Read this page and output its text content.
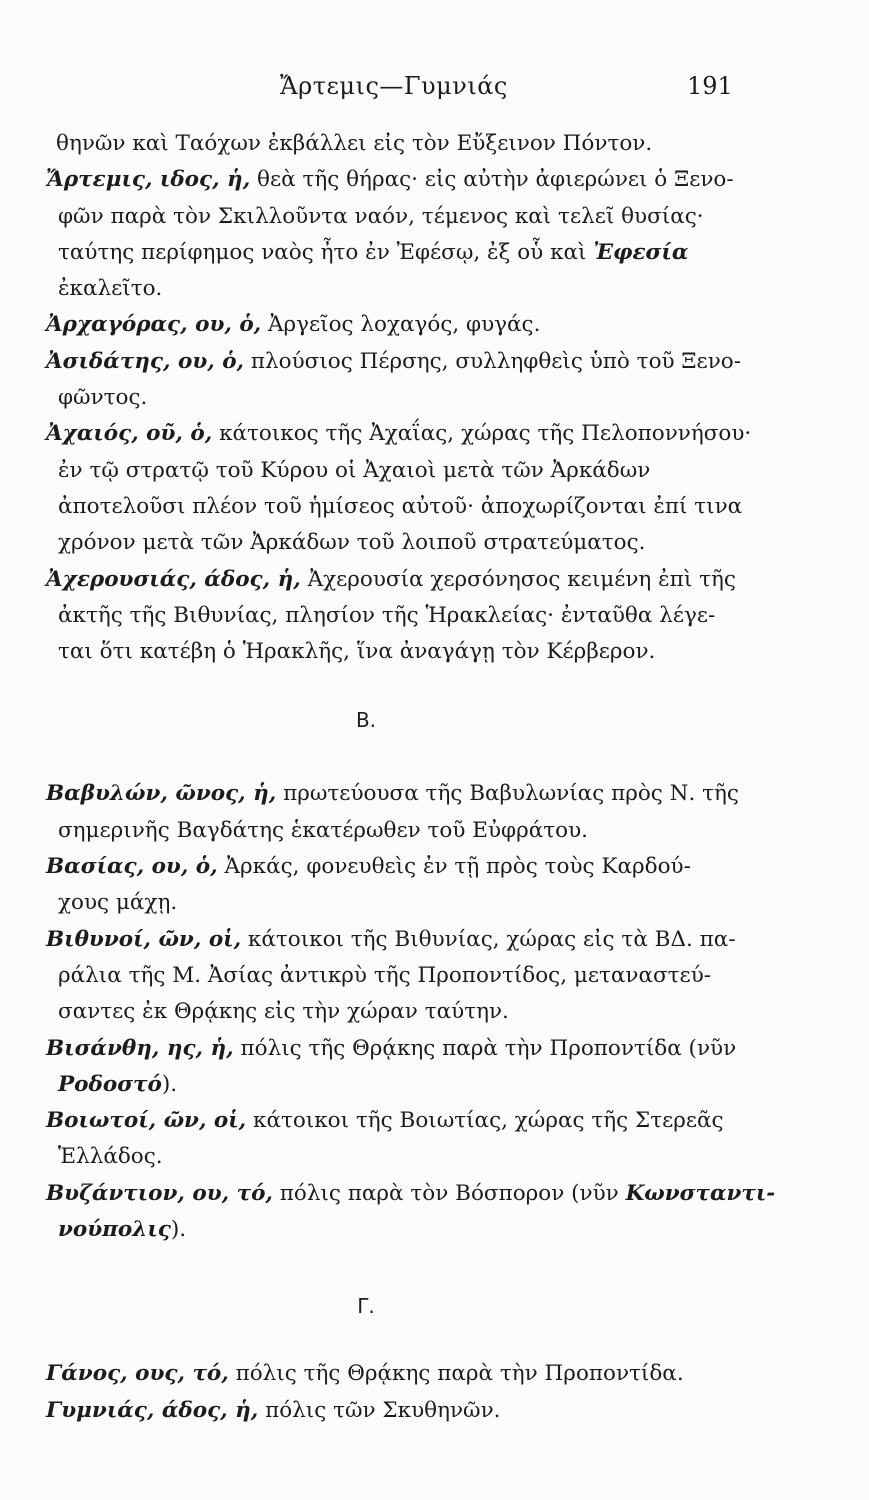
Ἄρτεμις—Γυμνιάς	191
θηνῶν καὶ Ταόχων ἐκβάλλει εἰς τὸν Εὔξεινον Πόντον.
Ἄρτεμις, ιδος, ἡ, θεὰ τῆς θήρας· εἰς αὐτὴν ἀφιερώνει ὁ Ξενο-
φῶν παρὰ τὸν Σκιλλοῦντα ναόν, τέμενος καὶ τελεῖ θυσίας·
ταύτης περίφημος ναὸς ἦτο ἐν Ἐφέσῳ, ἐξ οὗ καὶ Ἐφεσία
ἐκαλεῖτο.
Ἀρχαγόρας, ου, ὁ, Ἀργεῖος λοχαγός, φυγάς.
Ἀσιδάτης, ου, ὁ, πλούσιος Πέρσης, συλληφθεὶς ὑπὸ τοῦ Ξενο-
φῶντος.
Ἀχαιός, οῦ, ὁ, κάτοικος τῆς Ἀχαΐας, χώρας τῆς Πελοποννήσου·
ἐν τῷ στρατῷ τοῦ Κύρου οἱ Ἀχαιοὶ μετὰ τῶν Ἀρκάδων
ἀποτελοῦσι πλέον τοῦ ἡμίσεος αὐτοῦ· ἀποχωρίζονται ἐπί τινα
χρόνον μετὰ τῶν Ἀρκάδων τοῦ λοιποῦ στρατεύματος.
Ἀχερουσιάς, άδος, ἡ, Ἀχερουσία χερσόνησος κειμένη ἐπὶ τῆς
ἀκτῆς τῆς Βιθυνίας, πλησίον τῆς Ἡρακλείας· ἐνταῦθα λέγε-
ται ὅτι κατέβη ὁ Ἡρακλῆς, ἵνα ἀναγάγῃ τὸν Κέρβερον.
B.
Βαβυλών, ῶνος, ἡ, πρωτεύουσα τῆς Βαβυλωνίας πρὸς Ν. τῆς
σημερινῆς Βαγδάτης ἑκατέρωθεν τοῦ Εὐφράτου.
Βασίας, ου, ὁ, Ἀρκάς, φονευθεὶς ἐν τῇ πρὸς τοὺς Καρδού-
χους μάχῃ.
Βιθυνοί, ῶν, οἱ, κάτοικοι τῆς Βιθυνίας, χώρας εἰς τὰ ΒΔ. πα-
ράλια τῆς Μ. Ἀσίας ἀντικρὺ τῆς Προποντίδος, μεταναστεύ-
σαντες ἐκ Θρᾴκης εἰς τὴν χώραν ταύτην.
Βισάνθη, ης, ἡ, πόλις τῆς Θρᾴκης παρὰ τὴν Προποντίδα (νῦν
Ροδοστό).
Βοιωτοί, ῶν, οἱ, κάτοικοι τῆς Βοιωτίας, χώρας τῆς Στερεᾶς
Ἑλλάδος.
Βυζάντιον, ου, τό, πόλις παρὰ τὸν Βόσπορον (νῦν Κωνσταντι-
νούπολις).
Γ.
Γάνος, ους, τό, πόλις τῆς Θρᾴκης παρὰ τὴν Προποντίδα.
Γυμνιάς, άδος, ἡ, πόλις τῶν Σκυθηνῶν.
